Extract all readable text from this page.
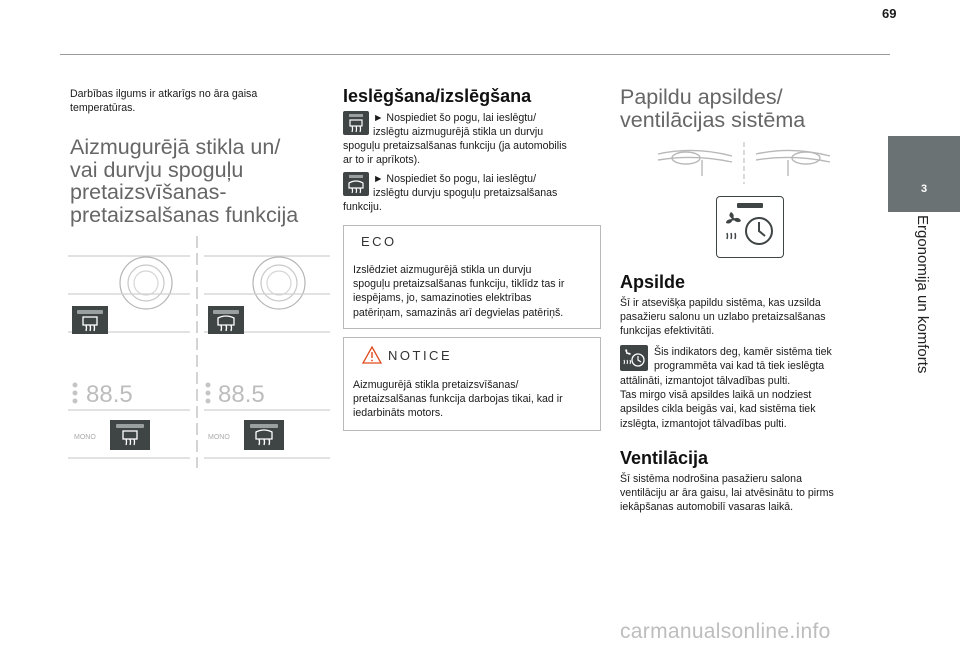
69
3
Ergonomija un komforts

Darbības ilgums ir atkarīgs no āra gaisa temperatūras.

Aizmugurējā stikla un/
vai durvju spoguļu
pretaizsvīšanas-
pretaizsalšanas funkcija
88.5	88.5
MONO	MONO
Ieslēgšana/izslēgšana

► Nospiediet šo pogu, lai ieslēgtu/

izslēgtu aizmugurējā stikla un durvju

spoguļu pretaizsalšanas funkciju (ja automobilis

ar to ir aprīkots).

► Nospiediet šo pogu, lai ieslēgtu/

izslēgtu durvju spoguļu pretaizsalšanas

funkciju.

ECO

Izslēdziet aizmugurējā stikla un durvju

spoguļu pretaizsalšanas funkciju, tiklīdz tas ir

iespējams, jo, samazinoties elektrības

patēriņam, samazinās arī degvielas patēriņš.

NOTICE

Aizmugurējā stikla pretaizsvīšanas/

pretaizsalšanas funkcija darbojas tikai, kad ir

iedarbināts motors.

Papildu apsildes/
ventilācijas sistēma
Apsilde

Šī ir atsevišķa papildu sistēma, kas uzsilda

pasažieru salonu un uzlabo pretaizsalšanas

funkcijas efektivitāti.

Šis indikators deg, kamēr sistēma tiek

programmēta vai kad tā tiek ieslēgta

attālināti, izmantojot tālvadības pulti.

Tas mirgo visā apsildes laikā un nodziest

apsildes cikla beigās vai, kad sistēma tiek

izslēgta, izmantojot tālvadības pulti.

Ventilācija

Šī sistēma nodrošina pasažieru salona

ventilāciju ar āra gaisu, lai atvēsinātu to pirms

iekāpšanas automobilī vasaras laikā.

carmanualsonline.info
